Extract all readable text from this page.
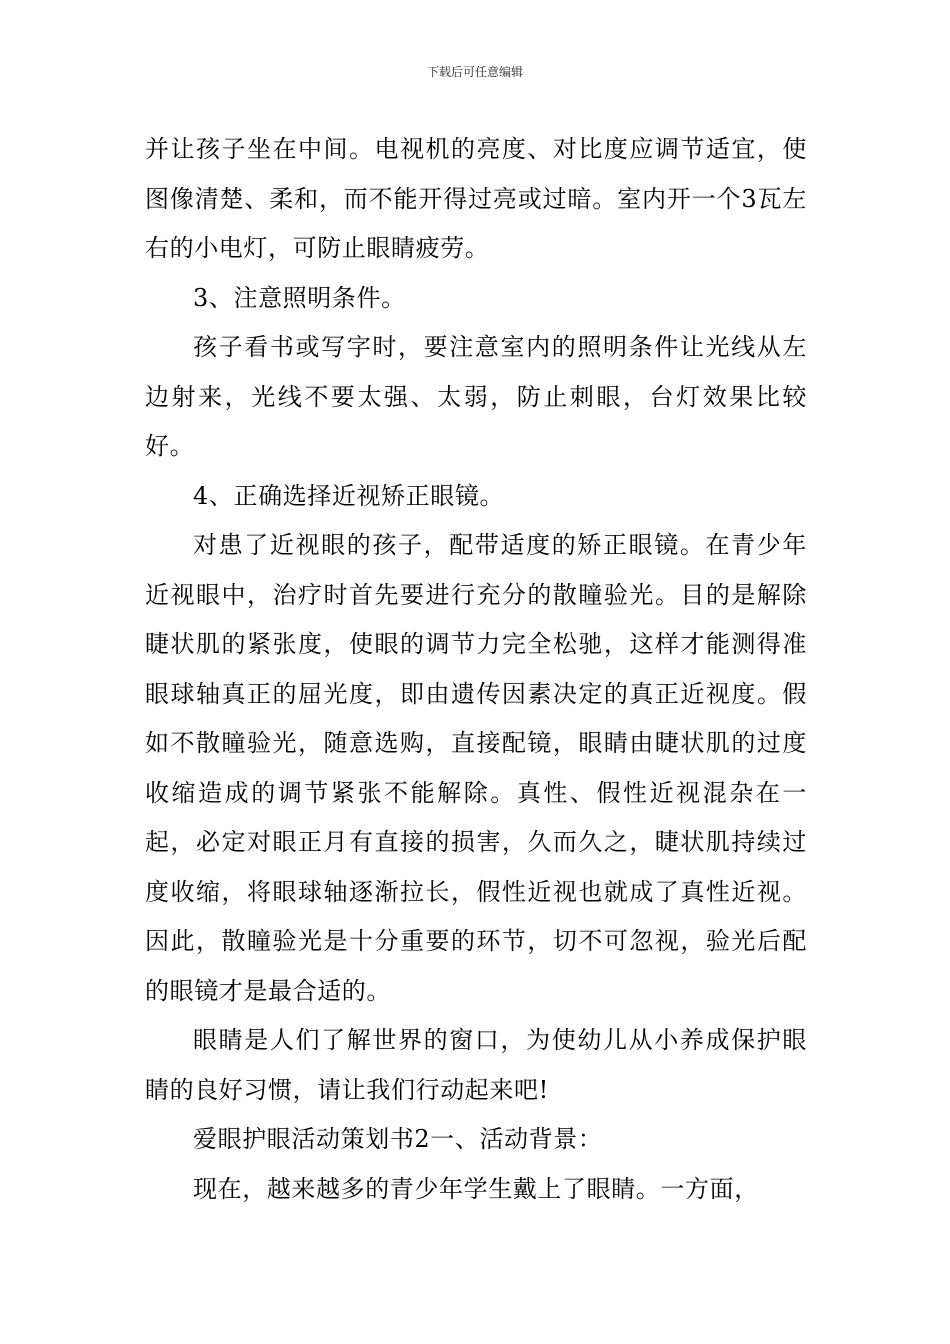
下载后可任意编辑

并让孩子坐在中间。电视机的亮度、对比度应调节适宜，使图像清楚、柔和，而不能开得过亮或过暗。室内开一个3瓦左右的小电灯，可防止眼睛疲劳。

3、注意照明条件。

孩子看书或写字时，要注意室内的照明条件让光线从左边射来，光线不要太强、太弱，防止刺眼，台灯效果比较好。

4、正确选择近视矫正眼镜。

对患了近视眼的孩子，配带适度的矫正眼镜。在青少年近视眼中，治疗时首先要进行充分的散瞳验光。目的是解除睫状肌的紧张度，使眼的调节力完全松驰，这样才能测得准眼球轴真正的屈光度，即由遗传因素决定的真正近视度。假如不散瞳验光，随意选购，直接配镜，眼睛由睫状肌的过度收缩造成的调节紧张不能解除。真性、假性近视混杂在一起，必定对眼正月有直接的损害，久而久之，睫状肌持续过度收缩，将眼球轴逐渐拉长，假性近视也就成了真性近视。因此，散瞳验光是十分重要的环节，切不可忽视，验光后配的眼镜才是最合适的。

眼睛是人们了解世界的窗口，为使幼儿从小养成保护眼睛的良好习惯，请让我们行动起来吧!

爱眼护眼活动策划书2一、活动背景：

现在，越来越多的青少年学生戴上了眼睛。一方面，
